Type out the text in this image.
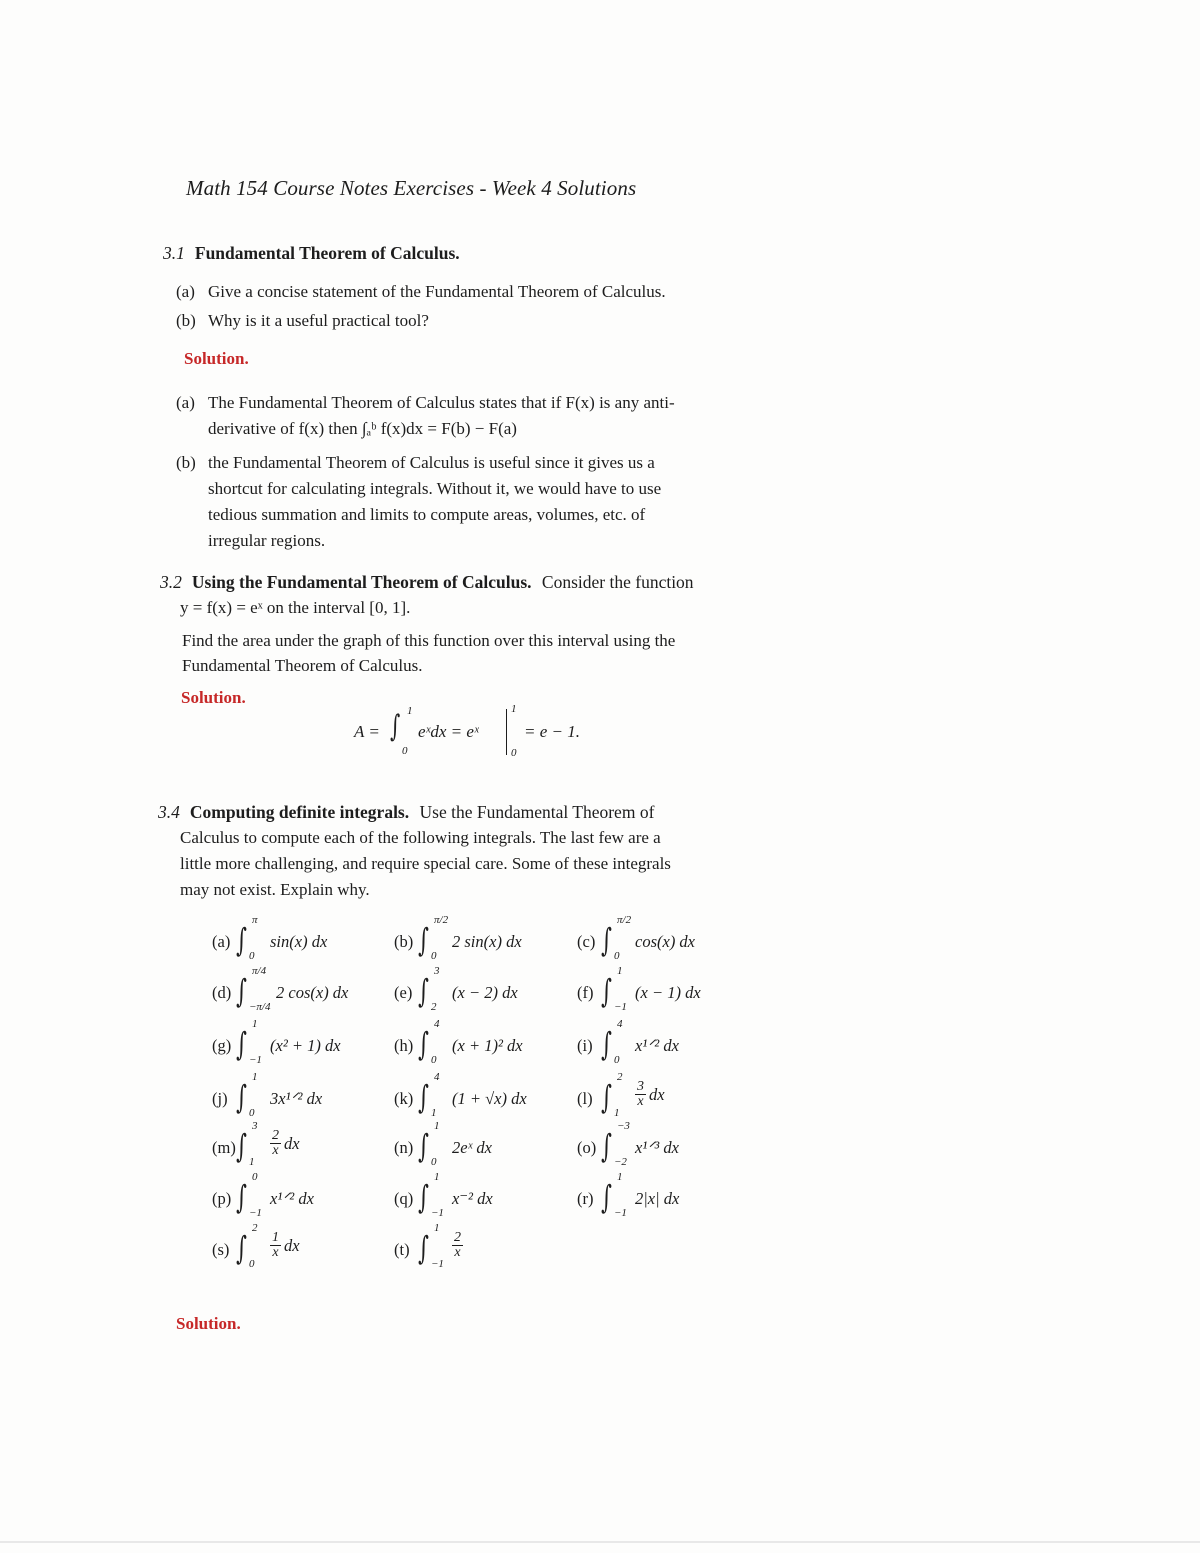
Math 154 Course Notes Exercises - Week 4 Solutions
3.1 Fundamental Theorem of Calculus.
(a) Give a concise statement of the Fundamental Theorem of Calculus.
(b) Why is it a useful practical tool?
Solution.
(a) The Fundamental Theorem of Calculus states that if F(x) is any anti-
derivative of f(x) then ∫ₐᵇ f(x)dx = F(b) − F(a)
(b) the Fundamental Theorem of Calculus is useful since it gives us a
shortcut for calculating integrals. Without it, we would have to use
tedious summation and limits to compute areas, volumes, etc. of
irregular regions.
3.2 Using the Fundamental Theorem of Calculus. Consider the function
y = f(x) = eˣ on the interval [0, 1].
Find the area under the graph of this function over this interval using the
Fundamental Theorem of Calculus.
Solution.
A = ∫ 1
0
eˣdx = eˣ
1
0
= e − 1.
3.4 Computing definite integrals. Use the Fundamental Theorem of
Calculus to compute each of the following integrals. The last few are a
little more challenging, and require special care. Some of these integrals
may not exist. Explain why.
(a) ∫
π
0
sin(x) dx	(b) ∫
π/2
0
2 sin(x) dx	(c) ∫
π/2
0
cos(x) dx
(d) ∫
π/4
−π/4
2 cos(x) dx	(e) ∫
3
2
(x − 2) dx	(f) ∫
1
−1
(x − 1) dx
(g) ∫
1
−1
(x² + 1) dx	(h) ∫
4
0
(x + 1)² dx	(i) ∫
4
0
x¹ᐟ² dx
(j) ∫
1
0
3x¹ᐟ² dx	(k) ∫
4
1
(1 + √x) dx	(l) ∫
2
1
$\frac{3}{x}$ dx
(m) ∫
3
1
$\frac{2}{x}$ dx	(n) ∫
1
0
2eˣ dx	(o) ∫
−3
−2
x¹ᐟ³ dx
(p) ∫
0
−1
x¹ᐟ² dx	(q) ∫
1
−1
x⁻² dx	(r) ∫
1
−1
2|x| dx
(s) ∫
2
0
$\frac{1}{x}$ dx	(t) ∫
1
−1
$\frac{2}{x}$
Solution.
